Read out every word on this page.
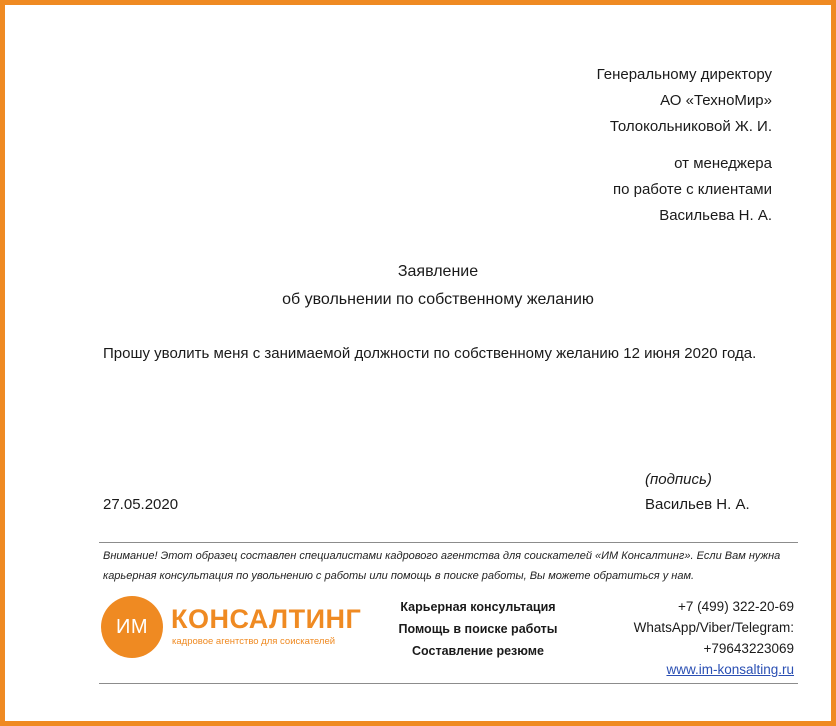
Генеральному директору
АО «ТехноМир»
Толокольниковой Ж. И.
от менеджера
по работе с клиентами
Васильева Н. А.
Заявление
об увольнении по собственному желанию
Прошу уволить меня с занимаемой должности по собственному желанию 12 июня 2020 года.
(подпись)
27.05.2020	Васильев Н. А.
Внимание! Этот образец составлен специалистами кадрового агентства для соискателей «ИМ Консалтинг». Если Вам нужна карьерная консультация по увольнению с работы или помощь в поиске работы, Вы можете обратиться у нам.
ИМ КОНСАЛТИНГ
кадровое агентство для соискателей
Карьерная консультация
Помощь в поиске работы
Составление резюме
+7 (499) 322-20-69
WhatsApp/Viber/Telegram:
+79643223069
www.im-konsalting.ru
